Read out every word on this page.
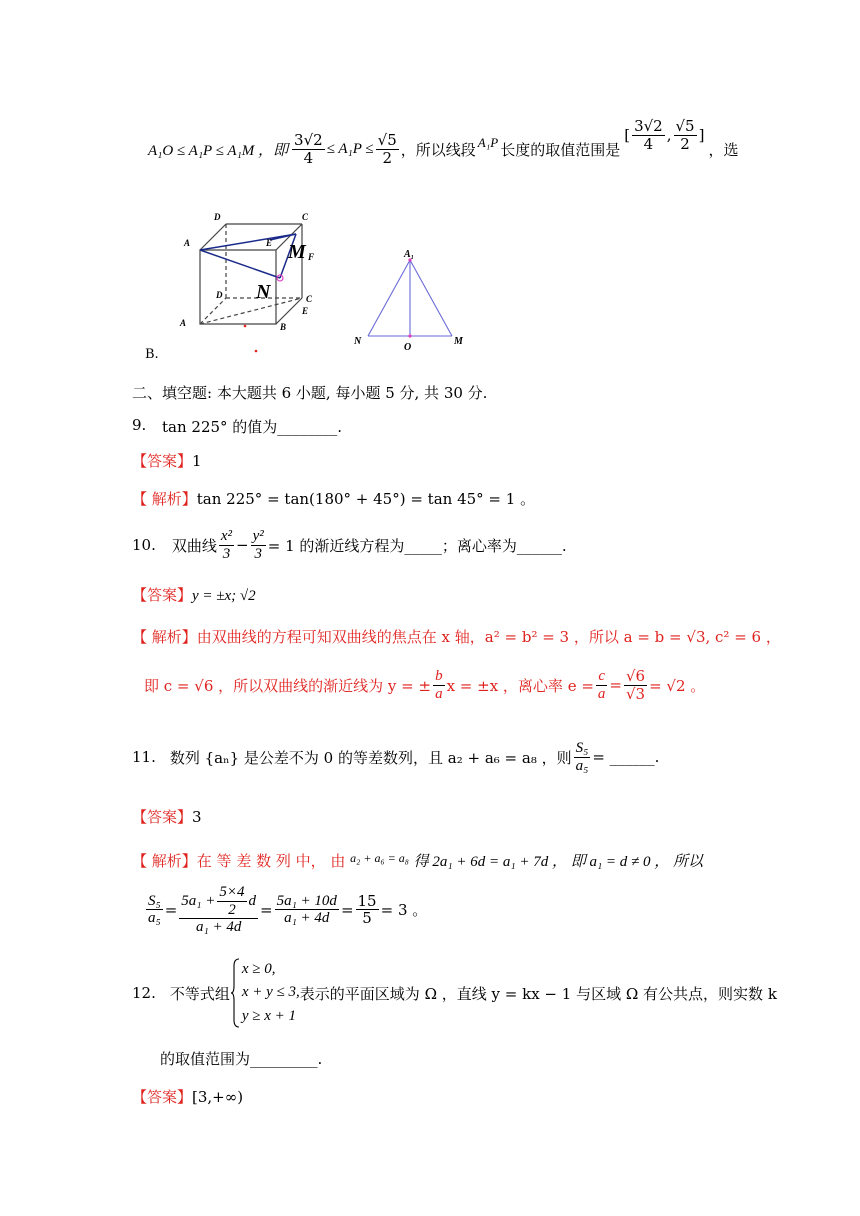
A₁O ≤ A₁P ≤ A₁M ，即 $\frac{3√2}{4} \le A_1P \le \frac{√5}{2}$ ，所以线段 A₁P 长度的取值范围是
[ $\frac{3√2}{4}$ , $\frac{√5}{2}$ ]
，选
D	C
A	E
F
D	C
A	B
E
M
N
A₁
N
O
M
B.
二、填空题: 本大题共 6 小题, 每小题 5 分, 共 30 分.
9. tan 225° 的值为________.
【答案】1
【 解析】tan 225° = tan(180° + 45°) = tan 45° = 1 。
10. 双曲线 $\frac{\text{x²}}{3} - \frac{\text{y²}}{3} = 1$ 的渐近线方程为_____；离心率为______.
【答案】y = ±x; √2
【 解析】由双曲线的方程可知双曲线的焦点在 x 轴，a² = b² = 3 ，所以 a = b = √3, c² = 6 ，
即 c = √6 ，所以双曲线的渐近线为 y = ± $\frac{b}{a}$ x = ±x ，离心率 $e = \frac{c}{a} = \frac{√6}{√3} = √2$ 。
11. 数列 {aₙ} 是公差不为 0 的等差数列，且 a₂ + a₆ = a₈ ，则 $\frac{\text{S₅}}{\text{a₅}}$ = ______.
【答案】3
【 解析】在 等 差 数 列 中， 由 $^{a_2 + a_6 = a_8}$ 得 2a₁ + 6d = a₁ + 7d ， 即 a₁ = d ≠ 0 ， 所以
$\frac{\text{S₅}}{\text{a₅}} = \frac{5a_1 + \frac{5\times 4}{2} d}{\text{a₁ + 4d}} = \frac{\text{5a₁ + 10d}}{\text{a₁ + 4d}} = \frac{15}{5} = 3$ 。
12. 不等式组
x ≥ 0,
x + y ≤ 3,
y ≥ x + 1
表示的平面区域为 Ω ，直线 y = kx − 1 与区域 Ω 有公共点，则实数 k
的取值范围为_________.
【答案】[3,+∞)
